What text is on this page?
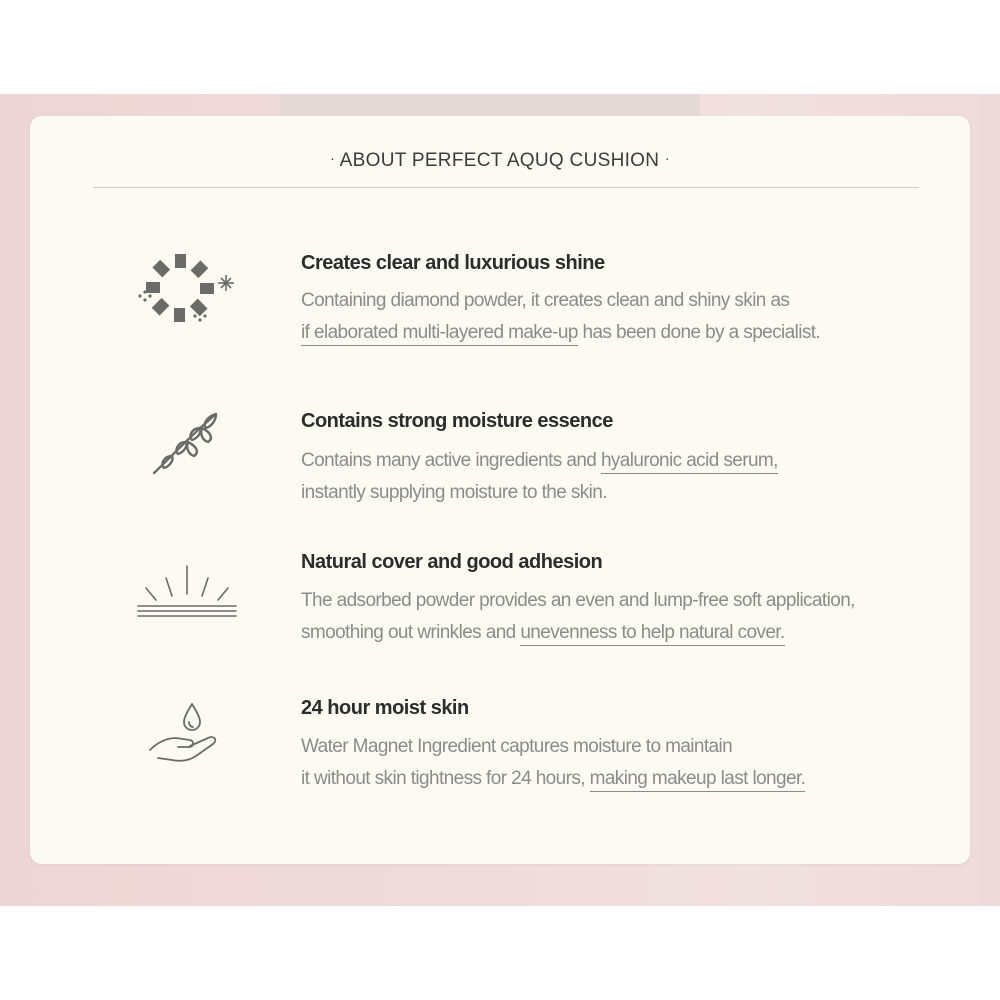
· ABOUT PERFECT AQUQ CUSHION ·
Creates clear and luxurious shine
Containing diamond powder, it creates clean and shiny skin as
if elaborated multi-layered make-up has been done by a specialist.
Contains strong moisture essence
Contains many active ingredients and hyaluronic acid serum,
instantly supplying moisture to the skin.
Natural cover and good adhesion
The adsorbed powder provides an even and lump-free soft application,
smoothing out wrinkles and unevenness to help natural cover.
24 hour moist skin
Water Magnet Ingredient captures moisture to maintain
it without skin tightness for 24 hours, making makeup last longer.
